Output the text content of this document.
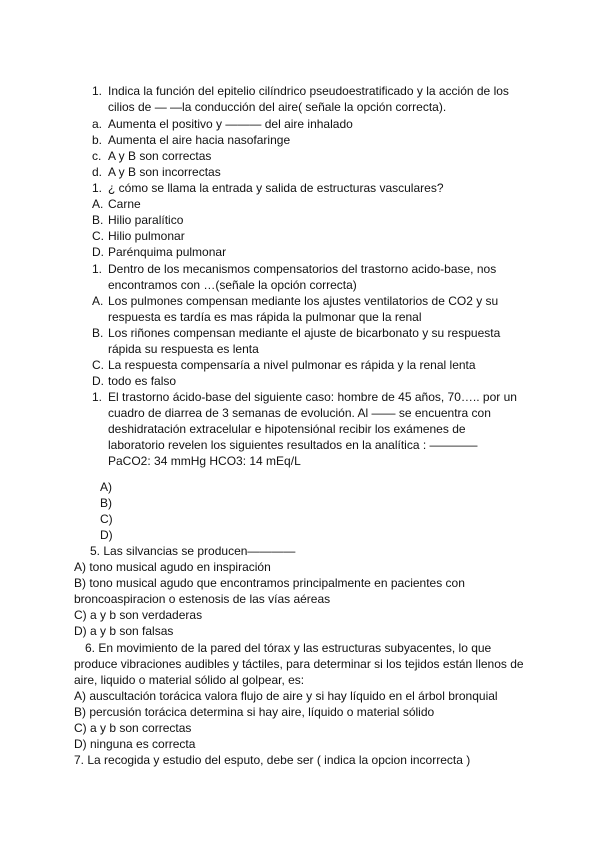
1. Indica la función del epitelio cilíndrico pseudoestratificado y la acción de los
cilios de — —la conducción del aire( señale la opción correcta).
a. Aumenta el positivo y ——— del aire inhalado
b. Aumenta el aire hacia nasofaringe
c. A y B son correctas
d. A y B son incorrectas
1. ¿ cómo se llama la entrada y salida de estructuras vasculares?
A. Carne
B. Hilio paralítico
C. Hilio pulmonar
D. Parénquima pulmonar
1. Dentro de los mecanismos compensatorios del trastorno acido-base, nos
encontramos con …(señale la opción correcta)
A. Los pulmones compensan mediante los ajustes ventilatorios de CO2 y su
respuesta es tardía es mas rápida la pulmonar que la renal
B. Los riñones compensan mediante el ajuste de bicarbonato y su respuesta
rápida su respuesta es lenta
C. La respuesta compensaría a nivel pulmonar es rápida y la renal lenta
D. todo es falso
1. El trastorno ácido-base del siguiente caso: hombre de 45 años, 70….. por un
cuadro de diarrea de 3 semanas de evolución. Al —— se encuentra con
deshidratación extracelular e hipotensiónal recibir los exámenes de
laboratorio revelen los siguientes resultados en la analítica : ————
PaCO2: 34 mmHg HCO3: 14 mEq/L
A)
B)
C)
D)
5. Las silvancias se producen————
A) tono musical agudo en inspiración
B) tono musical agudo que encontramos principalmente en pacientes con
broncoaspiracion o estenosis de las vías aéreas
C) a y b son verdaderas
D) a y b son falsas
6. En movimiento de la pared del tórax y las estructuras subyacentes, lo que
produce vibraciones audibles y táctiles, para determinar si los tejidos están llenos de
aire, liquido o material sólido al golpear, es:
A) auscultación torácica valora flujo de aire y si hay líquido en el árbol bronquial
B) percusión torácica determina si hay aire, líquido o material sólido
C) a y b son correctas
D) ninguna es correcta
7. La recogida y estudio del esputo, debe ser ( indica la opcion incorrecta )
